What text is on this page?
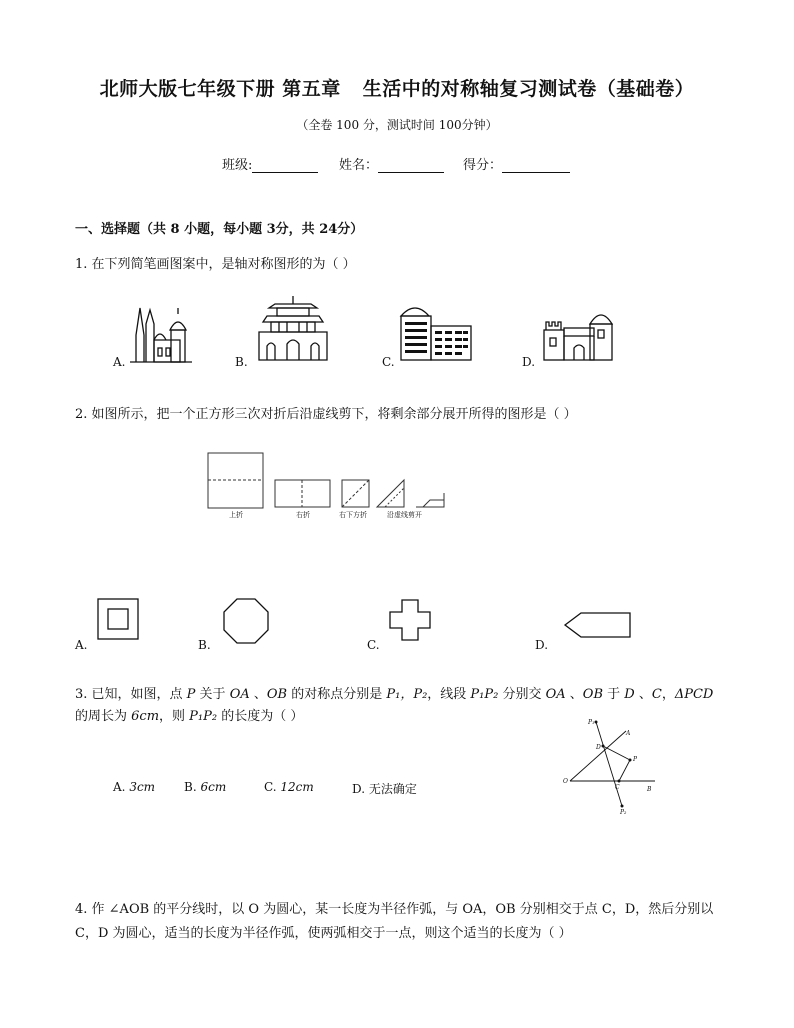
北师大版七年级下册 第五章 生活中的对称轴复习测试卷（基础卷）
（全卷 100 分，测试时间 100分钟）
班级:	姓名：	得分：
一、选择题（共 8 小题，每小题 3分，共 24分）
1. 在下列简笔画图案中，是轴对称图形的为（ ）
A.	B.	C.	D.
2. 如图所示，把一个正方形三次对折后沿虚线剪下，将剩余部分展开所得的图形是（ ）
上折	右折	右下方折	沿虚线剪开
A.	B.	C.	D.
3. 已知，如图，点 P 关于 OA 、OB 的对称点分别是 P₁，P₂，线段 P₁P₂ 分别交 OA 、OB 于 D 、C，ΔPCD
的周长为 6cm，则 P₁P₂ 的长度为（ ）
A. 3cm B. 6cm	C. 12cm	D. 无法确定
P₁
A
D
P
O
C	B
P₂
4. 作 ∠AOB 的平分线时，以 O 为圆心，某一长度为半径作弧，与 OA，OB 分别相交于点 C，D，然后分别以
C，D 为圆心，适当的长度为半径作弧，使两弧相交于一点，则这个适当的长度为（ ）
